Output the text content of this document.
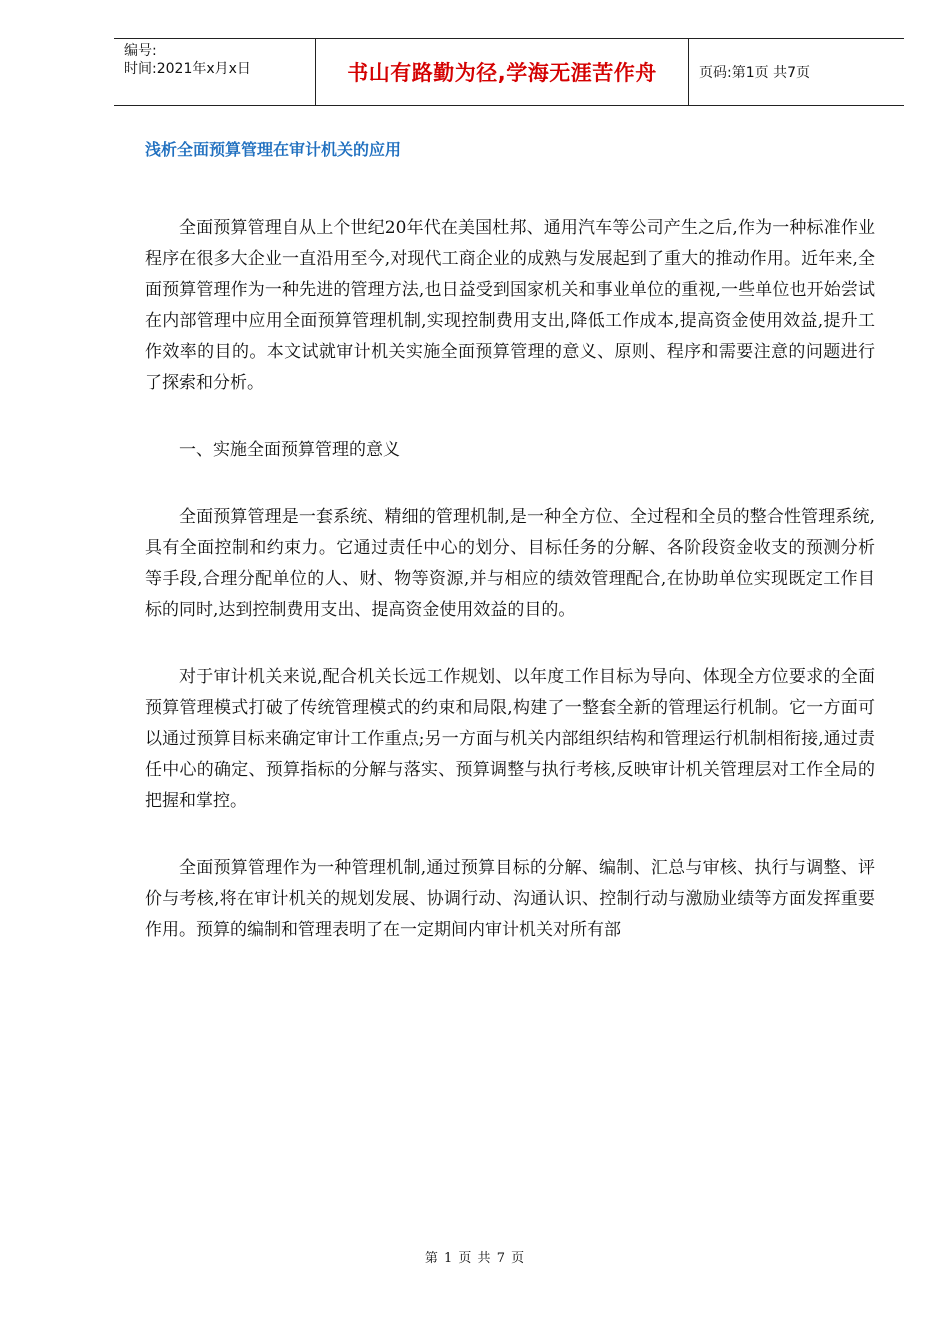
编号:
时间:2021年x月x日	书山有路勤为径,学海无涯苦作舟	页码:第1页 共7页
浅析全面预算管理在审计机关的应用

全面预算管理自从上个世纪20年代在美国杜邦、通用汽车等公司产生之后,作为一种标准作业程序在很多大企业一直沿用至今,对现代工商企业的成熟与发展起到了重大的推动作用。近年来,全面预算管理作为一种先进的管理方法,也日益受到国家机关和事业单位的重视,一些单位也开始尝试在内部管理中应用全面预算管理机制,实现控制费用支出,降低工作成本,提高资金使用效益,提升工作效率的目的。本文试就审计机关实施全面预算管理的意义、原则、程序和需要注意的问题进行了探索和分析。

一、实施全面预算管理的意义

全面预算管理是一套系统、精细的管理机制,是一种全方位、全过程和全员的整合性管理系统,具有全面控制和约束力。它通过责任中心的划分、目标任务的分解、各阶段资金收支的预测分析等手段,合理分配单位的人、财、物等资源,并与相应的绩效管理配合,在协助单位实现既定工作目标的同时,达到控制费用支出、提高资金使用效益的目的。

对于审计机关来说,配合机关长远工作规划、以年度工作目标为导向、体现全方位要求的全面预算管理模式打破了传统管理模式的约束和局限,构建了一整套全新的管理运行机制。它一方面可以通过预算目标来确定审计工作重点;另一方面与机关内部组织结构和管理运行机制相衔接,通过责任中心的确定、预算指标的分解与落实、预算调整与执行考核,反映审计机关管理层对工作全局的把握和掌控。

全面预算管理作为一种管理机制,通过预算目标的分解、编制、汇总与审核、执行与调整、评价与考核,将在审计机关的规划发展、协调行动、沟通认识、控制行动与激励业绩等方面发挥重要作用。预算的编制和管理表明了在一定期间内审计机关对所有部

第 1 页 共 7 页
